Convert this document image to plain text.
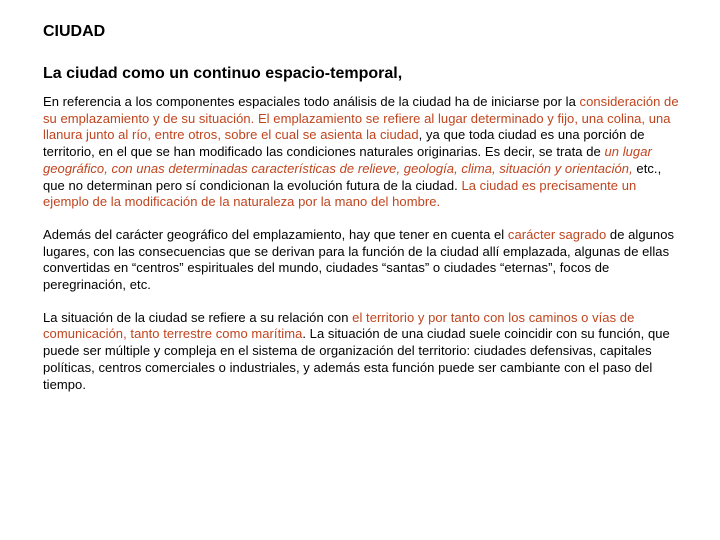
CIUDAD
La ciudad como un continuo espacio-temporal,

En referencia a los componentes espaciales todo análisis de la ciudad ha de iniciarse por la consideración de su emplazamiento y de su situación. El emplazamiento se refiere al lugar determinado y fijo, una colina, una llanura junto al río, entre otros, sobre el cual se asienta la ciudad, ya que toda ciudad es una porción de territorio, en el que se han modificado las condiciones naturales originarias. Es decir, se trata de un lugar geográfico, con unas determinadas características de relieve, geología, clima, situación y orientación, etc., que no determinan pero sí condicionan la evolución futura de la ciudad. La ciudad es precisamente un ejemplo de la modificación de la naturaleza por la mano del hombre.

Además del carácter geográfico del emplazamiento, hay que tener en cuenta el carácter sagrado de algunos lugares, con las consecuencias que se derivan para la función de la ciudad allí emplazada, algunas de ellas convertidas en “centros” espirituales del mundo, ciudades “santas” o ciudades “eternas”, focos de peregrinación, etc.

La situación de la ciudad se refiere a su relación con el territorio y por tanto con los caminos o vías de comunicación, tanto terrestre como marítima. La situación de una ciudad suele coincidir con su función, que puede ser múltiple y compleja en el sistema de organización del territorio: ciudades defensivas, capitales políticas, centros comerciales o industriales, y además esta función puede ser cambiante con el paso del tiempo.
